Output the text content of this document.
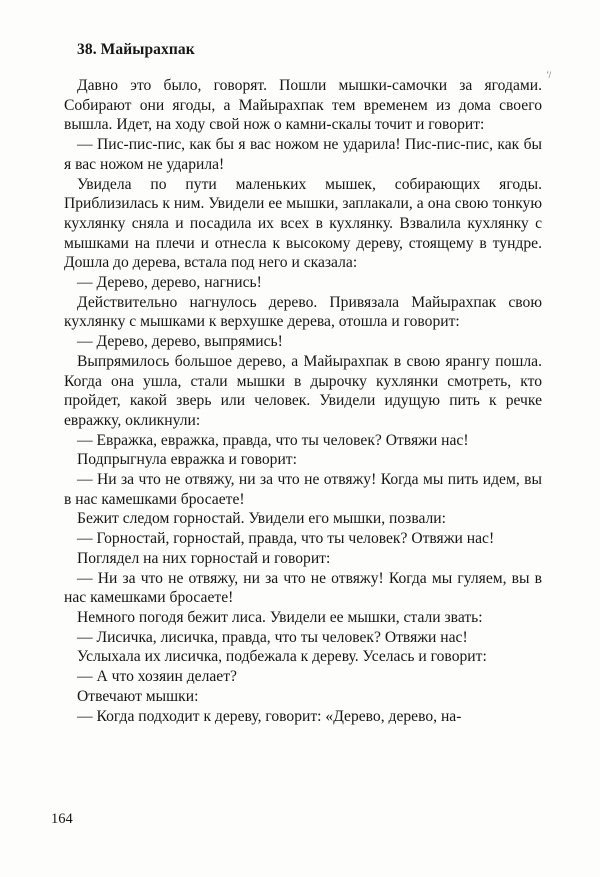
'/
38. Майырахпак

Давно это было, говорят. Пошли мышки-самочки за ягодами. Собирают они ягоды, а Майырахпак тем временем из дома своего вышла. Идет, на ходу свой нож о камни-скалы точит и говорит:

— Пис-пис-пис, как бы я вас ножом не ударила! Пис-пис-пис, как бы я вас ножом не ударила!

Увидела по пути маленьких мышек, собирающих ягоды. Приблизилась к ним. Увидели ее мышки, заплакали, а она свою тонкую кухлянку сняла и посадила их всех в кухлянку. Взвалила кухлянку с мышками на плечи и отнесла к высокому дереву, стоящему в тундре. Дошла до дерева, встала под него и сказала:

— Дерево, дерево, нагнись!

Действительно нагнулось дерево. Привязала Майырахпак свою кухлянку с мышками к верхушке дерева, отошла и говорит:

— Дерево, дерево, выпрямись!

Выпрямилось большое дерево, а Майырахпак в свою ярангу пошла. Когда она ушла, стали мышки в дырочку кухлянки смотреть, кто пройдет, какой зверь или человек. Увидели идущую пить к речке евражку, окликнули:

— Евражка, евражка, правда, что ты человек? Отвяжи нас!

Подпрыгнула евражка и говорит:

— Ни за что не отвяжу, ни за что не отвяжу! Когда мы пить идем, вы в нас камешками бросаете!

Бежит следом горностай. Увидели его мышки, позвали:

— Горностай, горностай, правда, что ты человек? Отвяжи нас!

Поглядел на них горностай и говорит:

— Ни за что не отвяжу, ни за что не отвяжу! Когда мы гуляем, вы в нас камешками бросаете!

Немного погодя бежит лиса. Увидели ее мышки, стали звать:

— Лисичка, лисичка, правда, что ты человек? Отвяжи нас!

Услыхала их лисичка, подбежала к дереву. Уселась и говорит:

— А что хозяин делает?

Отвечают мышки:

— Когда подходит к дереву, говорит: «Дерево, дерево, на-

164
